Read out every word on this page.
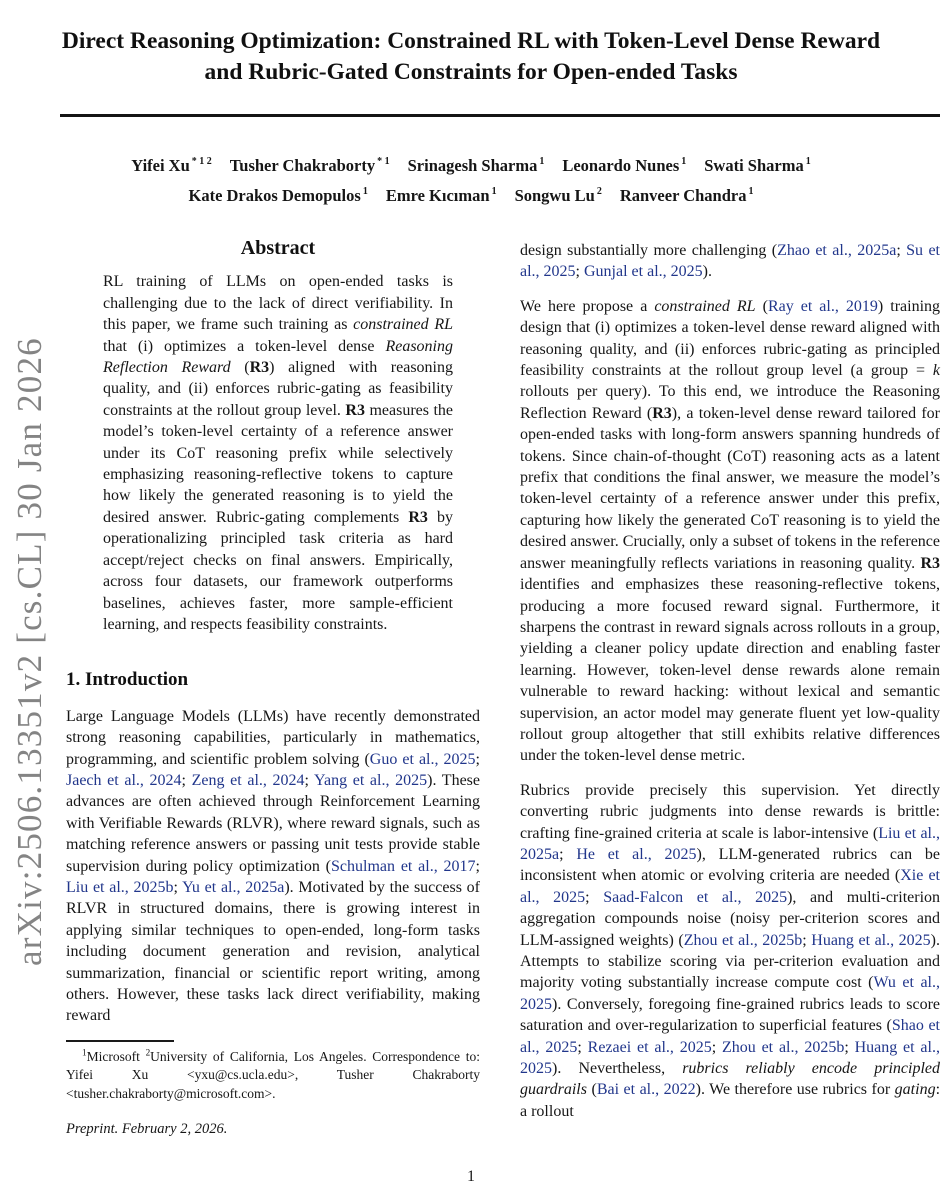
arXiv:2506.13351v2 [cs.CL] 30 Jan 2026
Direct Reasoning Optimization: Constrained RL with Token-Level Dense Reward and Rubric-Gated Constraints for Open-ended Tasks
Yifei Xu $^{* 1 2}$ Tusher Chakraborty $^{* 1}$ Srinagesh Sharma $^1$ Leonardo Nunes $^1$ Swati Sharma $^1$
Kate Drakos Demopulos $^1$ Emre Kıcıman $^1$ Songwu Lu $^2$ Ranveer Chandra $^1$
Abstract

RL training of LLMs on open-ended tasks is challenging due to the lack of direct verifiability. In this paper, we frame such training as constrained RL that (i) optimizes a token-level dense Reasoning Reflection Reward (R3) aligned with reasoning quality, and (ii) enforces rubric-gating as feasibility constraints at the rollout group level. R3 measures the model’s token-level certainty of a reference answer under its CoT reasoning prefix while selectively emphasizing reasoning-reflective tokens to capture how likely the generated reasoning is to yield the desired answer. Rubric-gating complements R3 by operationalizing principled task criteria as hard accept/reject checks on final answers. Empirically, across four datasets, our framework outperforms baselines, achieves faster, more sample-efficient learning, and respects feasibility constraints.

1. Introduction

Large Language Models (LLMs) have recently demonstrated strong reasoning capabilities, particularly in mathematics, programming, and scientific problem solving (Guo et al., 2025; Jaech et al., 2024; Zeng et al., 2024; Yang et al., 2025). These advances are often achieved through Reinforcement Learning with Verifiable Rewards (RLVR), where reward signals, such as matching reference answers or passing unit tests provide stable supervision during policy optimization (Schulman et al., 2017; Liu et al., 2025b; Yu et al., 2025a). Motivated by the success of RLVR in structured domains, there is growing interest in applying similar techniques to open-ended, long-form tasks including document generation and revision, analytical summarization, financial or scientific report writing, among others. However, these tasks lack direct verifiability, making reward

$^1$Microsoft $^2$University of California, Los Angeles. Correspondence to: Yifei Xu <yxu@cs.ucla.edu>, Tusher Chakraborty <tusher.chakraborty@microsoft.com>.

Preprint. February 2, 2026.

design substantially more challenging (Zhao et al., 2025a; Su et al., 2025; Gunjal et al., 2025).

We here propose a constrained RL (Ray et al., 2019) training design that (i) optimizes a token-level dense reward aligned with reasoning quality, and (ii) enforces rubric-gating as principled feasibility constraints at the rollout group level (a group = k rollouts per query). To this end, we introduce the Reasoning Reflection Reward (R3), a token-level dense reward tailored for open-ended tasks with long-form answers spanning hundreds of tokens. Since chain-of-thought (CoT) reasoning acts as a latent prefix that conditions the final answer, we measure the model’s token-level certainty of a reference answer under this prefix, capturing how likely the generated CoT reasoning is to yield the desired answer. Crucially, only a subset of tokens in the reference answer meaningfully reflects variations in reasoning quality. R3 identifies and emphasizes these reasoning-reflective tokens, producing a more focused reward signal. Furthermore, it sharpens the contrast in reward signals across rollouts in a group, yielding a cleaner policy update direction and enabling faster learning. However, token-level dense rewards alone remain vulnerable to reward hacking: without lexical and semantic supervision, an actor model may generate fluent yet low-quality rollout group altogether that still exhibits relative differences under the token-level dense metric.

Rubrics provide precisely this supervision. Yet directly converting rubric judgments into dense rewards is brittle: crafting fine-grained criteria at scale is labor-intensive (Liu et al., 2025a; He et al., 2025), LLM-generated rubrics can be inconsistent when atomic or evolving criteria are needed (Xie et al., 2025; Saad-Falcon et al., 2025), and multi-criterion aggregation compounds noise (noisy per-criterion scores and LLM-assigned weights) (Zhou et al., 2025b; Huang et al., 2025). Attempts to stabilize scoring via per-criterion evaluation and majority voting substantially increase compute cost (Wu et al., 2025). Conversely, foregoing fine-grained rubrics leads to score saturation and over-regularization to superficial features (Shao et al., 2025; Rezaei et al., 2025; Zhou et al., 2025b; Huang et al., 2025). Nevertheless, rubrics reliably encode principled guardrails (Bai et al., 2022). We therefore use rubrics for gating: a rollout

1
